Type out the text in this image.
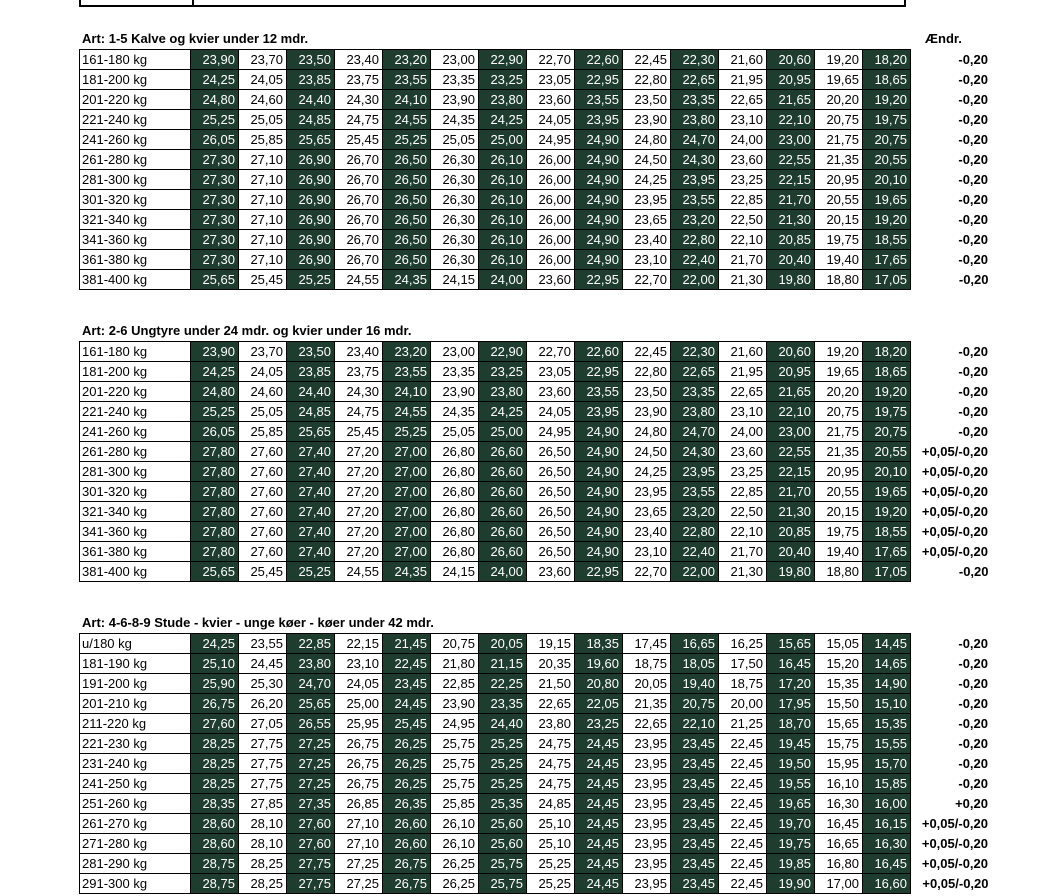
Art: 1-5 Kalve og kvier under 12 mdr.	Ændr.
161-180 kg	23,90	23,70	23,50	23,40	23,20	23,00	22,90	22,70	22,60	22,45	22,30	21,60	20,60	19,20	18,20	-0,20
181-200 kg	24,25	24,05	23,85	23,75	23,55	23,35	23,25	23,05	22,95	22,80	22,65	21,95	20,95	19,65	18,65	-0,20
201-220 kg	24,80	24,60	24,40	24,30	24,10	23,90	23,80	23,60	23,55	23,50	23,35	22,65	21,65	20,20	19,20	-0,20
221-240 kg	25,25	25,05	24,85	24,75	24,55	24,35	24,25	24,05	23,95	23,90	23,80	23,10	22,10	20,75	19,75	-0,20
241-260 kg	26,05	25,85	25,65	25,45	25,25	25,05	25,00	24,95	24,90	24,80	24,70	24,00	23,00	21,75	20,75	-0,20
261-280 kg	27,30	27,10	26,90	26,70	26,50	26,30	26,10	26,00	24,90	24,50	24,30	23,60	22,55	21,35	20,55	-0,20
281-300 kg	27,30	27,10	26,90	26,70	26,50	26,30	26,10	26,00	24,90	24,25	23,95	23,25	22,15	20,95	20,10	-0,20
301-320 kg	27,30	27,10	26,90	26,70	26,50	26,30	26,10	26,00	24,90	23,95	23,55	22,85	21,70	20,55	19,65	-0,20
321-340 kg	27,30	27,10	26,90	26,70	26,50	26,30	26,10	26,00	24,90	23,65	23,20	22,50	21,30	20,15	19,20	-0,20
341-360 kg	27,30	27,10	26,90	26,70	26,50	26,30	26,10	26,00	24,90	23,40	22,80	22,10	20,85	19,75	18,55	-0,20
361-380 kg	27,30	27,10	26,90	26,70	26,50	26,30	26,10	26,00	24,90	23,10	22,40	21,70	20,40	19,40	17,65	-0,20
381-400 kg	25,65	25,45	25,25	24,55	24,35	24,15	24,00	23,60	22,95	22,70	22,00	21,30	19,80	18,80	17,05	-0,20
Art: 2-6 Ungtyre under 24 mdr. og kvier under 16 mdr.
161-180 kg	23,90	23,70	23,50	23,40	23,20	23,00	22,90	22,70	22,60	22,45	22,30	21,60	20,60	19,20	18,20	-0,20
181-200 kg	24,25	24,05	23,85	23,75	23,55	23,35	23,25	23,05	22,95	22,80	22,65	21,95	20,95	19,65	18,65	-0,20
201-220 kg	24,80	24,60	24,40	24,30	24,10	23,90	23,80	23,60	23,55	23,50	23,35	22,65	21,65	20,20	19,20	-0,20
221-240 kg	25,25	25,05	24,85	24,75	24,55	24,35	24,25	24,05	23,95	23,90	23,80	23,10	22,10	20,75	19,75	-0,20
241-260 kg	26,05	25,85	25,65	25,45	25,25	25,05	25,00	24,95	24,90	24,80	24,70	24,00	23,00	21,75	20,75	-0,20
261-280 kg	27,80	27,60	27,40	27,20	27,00	26,80	26,60	26,50	24,90	24,50	24,30	23,60	22,55	21,35	20,55	+0,05/-0,20
281-300 kg	27,80	27,60	27,40	27,20	27,00	26,80	26,60	26,50	24,90	24,25	23,95	23,25	22,15	20,95	20,10	+0,05/-0,20
301-320 kg	27,80	27,60	27,40	27,20	27,00	26,80	26,60	26,50	24,90	23,95	23,55	22,85	21,70	20,55	19,65	+0,05/-0,20
321-340 kg	27,80	27,60	27,40	27,20	27,00	26,80	26,60	26,50	24,90	23,65	23,20	22,50	21,30	20,15	19,20	+0,05/-0,20
341-360 kg	27,80	27,60	27,40	27,20	27,00	26,80	26,60	26,50	24,90	23,40	22,80	22,10	20,85	19,75	18,55	+0,05/-0,20
361-380 kg	27,80	27,60	27,40	27,20	27,00	26,80	26,60	26,50	24,90	23,10	22,40	21,70	20,40	19,40	17,65	+0,05/-0,20
381-400 kg	25,65	25,45	25,25	24,55	24,35	24,15	24,00	23,60	22,95	22,70	22,00	21,30	19,80	18,80	17,05	-0,20
Art: 4-6-8-9 Stude - kvier - unge køer - køer under 42 mdr.
u/180 kg	24,25	23,55	22,85	22,15	21,45	20,75	20,05	19,15	18,35	17,45	16,65	16,25	15,65	15,05	14,45	-0,20
181-190 kg	25,10	24,45	23,80	23,10	22,45	21,80	21,15	20,35	19,60	18,75	18,05	17,50	16,45	15,20	14,65	-0,20
191-200 kg	25,90	25,30	24,70	24,05	23,45	22,85	22,25	21,50	20,80	20,05	19,40	18,75	17,20	15,35	14,90	-0,20
201-210 kg	26,75	26,20	25,65	25,00	24,45	23,90	23,35	22,65	22,05	21,35	20,75	20,00	17,95	15,50	15,10	-0,20
211-220 kg	27,60	27,05	26,55	25,95	25,45	24,95	24,40	23,80	23,25	22,65	22,10	21,25	18,70	15,65	15,35	-0,20
221-230 kg	28,25	27,75	27,25	26,75	26,25	25,75	25,25	24,75	24,45	23,95	23,45	22,45	19,45	15,75	15,55	-0,20
231-240 kg	28,25	27,75	27,25	26,75	26,25	25,75	25,25	24,75	24,45	23,95	23,45	22,45	19,50	15,95	15,70	-0,20
241-250 kg	28,25	27,75	27,25	26,75	26,25	25,75	25,25	24,75	24,45	23,95	23,45	22,45	19,55	16,10	15,85	-0,20
251-260 kg	28,35	27,85	27,35	26,85	26,35	25,85	25,35	24,85	24,45	23,95	23,45	22,45	19,65	16,30	16,00	+0,20
261-270 kg	28,60	28,10	27,60	27,10	26,60	26,10	25,60	25,10	24,45	23,95	23,45	22,45	19,70	16,45	16,15	+0,05/-0,20
271-280 kg	28,60	28,10	27,60	27,10	26,60	26,10	25,60	25,10	24,45	23,95	23,45	22,45	19,75	16,65	16,30	+0,05/-0,20
281-290 kg	28,75	28,25	27,75	27,25	26,75	26,25	25,75	25,25	24,45	23,95	23,45	22,45	19,85	16,80	16,45	+0,05/-0,20
291-300 kg	28,75	28,25	27,75	27,25	26,75	26,25	25,75	25,25	24,45	23,95	23,45	22,45	19,90	17,00	16,60	+0,05/-0,20
